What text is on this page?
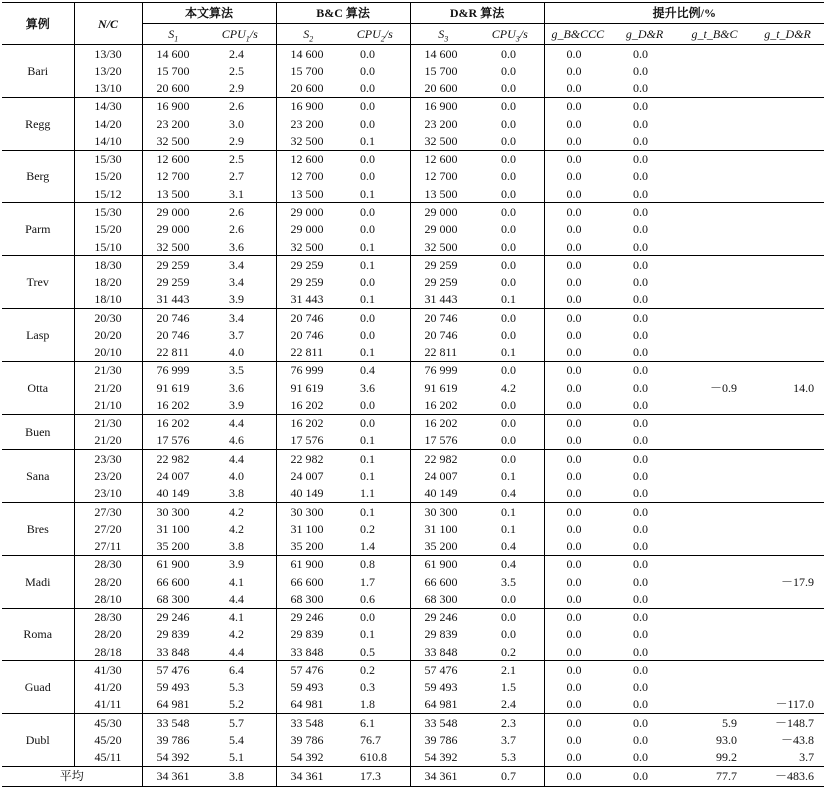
算例	N/C	本文算法		B&C 算法		D&R 算法		提升比例/%			
		$S_1$	$CPU_1/s$	$S_2$	$CPU_2/s$	$S_3$	$CPU_3/s$	g_B&CCC	g_D&R	g_t_B&C	g_t_D&R
Bari	13/30	14 600	2.4	14 600	0.0	14 600	0.0	0.0	0.0		
	13/20	15 700	2.5	15 700	0.0	15 700	0.0	0.0	0.0		
	13/10	20 600	2.9	20 600	0.0	20 600	0.0	0.0	0.0		
Regg	14/30	16 900	2.6	16 900	0.0	16 900	0.0	0.0	0.0		
	14/20	23 200	3.0	23 200	0.0	23 200	0.0	0.0	0.0		
	14/10	32 500	2.9	32 500	0.1	32 500	0.0	0.0	0.0		
Berg	15/30	12 600	2.5	12 600	0.0	12 600	0.0	0.0	0.0		
	15/20	12 700	2.7	12 700	0.0	12 700	0.0	0.0	0.0		
	15/12	13 500	3.1	13 500	0.1	13 500	0.0	0.0	0.0		
Parm	15/30	29 000	2.6	29 000	0.0	29 000	0.0	0.0	0.0		
	15/20	29 000	2.6	29 000	0.0	29 000	0.0	0.0	0.0		
	15/10	32 500	3.6	32 500	0.1	32 500	0.0	0.0	0.0		
Trev	18/30	29 259	3.4	29 259	0.1	29 259	0.0	0.0	0.0		
	18/20	29 259	3.4	29 259	0.0	29 259	0.0	0.0	0.0		
	18/10	31 443	3.9	31 443	0.1	31 443	0.1	0.0	0.0		
Lasp	20/30	20 746	3.4	20 746	0.0	20 746	0.0	0.0	0.0		
	20/20	20 746	3.7	20 746	0.0	20 746	0.0	0.0	0.0		
	20/10	22 811	4.0	22 811	0.1	22 811	0.1	0.0	0.0		
Otta	21/30	76 999	3.5	76 999	0.4	76 999	0.0	0.0	0.0		
	21/20	91 619	3.6	91 619	3.6	91 619	4.2	0.0	0.0	－0.9	14.0
	21/10	16 202	3.9	16 202	0.0	16 202	0.0	0.0	0.0		
Buen	21/30	16 202	4.4	16 202	0.0	16 202	0.0	0.0	0.0		
	21/20	17 576	4.6	17 576	0.1	17 576	0.0	0.0	0.0		
Sana	23/30	22 982	4.4	22 982	0.1	22 982	0.0	0.0	0.0		
	23/20	24 007	4.0	24 007	0.1	24 007	0.1	0.0	0.0		
	23/10	40 149	3.8	40 149	1.1	40 149	0.4	0.0	0.0		
Bres	27/30	30 300	4.2	30 300	0.1	30 300	0.1	0.0	0.0		
	27/20	31 100	4.2	31 100	0.2	31 100	0.1	0.0	0.0		
	27/11	35 200	3.8	35 200	1.4	35 200	0.4	0.0	0.0		
Madi	28/30	61 900	3.9	61 900	0.8	61 900	0.4	0.0	0.0		
	28/20	66 600	4.1	66 600	1.7	66 600	3.5	0.0	0.0		－17.9
	28/10	68 300	4.4	68 300	0.6	68 300	0.0	0.0	0.0		
Roma	28/30	29 246	4.1	29 246	0.0	29 246	0.0	0.0	0.0		
	28/20	29 839	4.2	29 839	0.1	29 839	0.0	0.0	0.0		
	28/18	33 848	4.4	33 848	0.5	33 848	0.2	0.0	0.0		
Guad	41/30	57 476	6.4	57 476	0.2	57 476	2.1	0.0	0.0		
	41/20	59 493	5.3	59 493	0.3	59 493	1.5	0.0	0.0		
	41/11	64 981	5.2	64 981	1.8	64 981	2.4	0.0	0.0		－117.0
Dubl	45/30	33 548	5.7	33 548	6.1	33 548	2.3	0.0	0.0	5.9	－148.7
	45/20	39 786	5.4	39 786	76.7	39 786	3.7	0.0	0.0	93.0	－43.8
	45/11	54 392	5.1	54 392	610.8	54 392	5.3	0.0	0.0	99.2	3.7
平均		34 361	3.8	34 361	17.3	34 361	0.7	0.0	0.0	77.7	－483.6
